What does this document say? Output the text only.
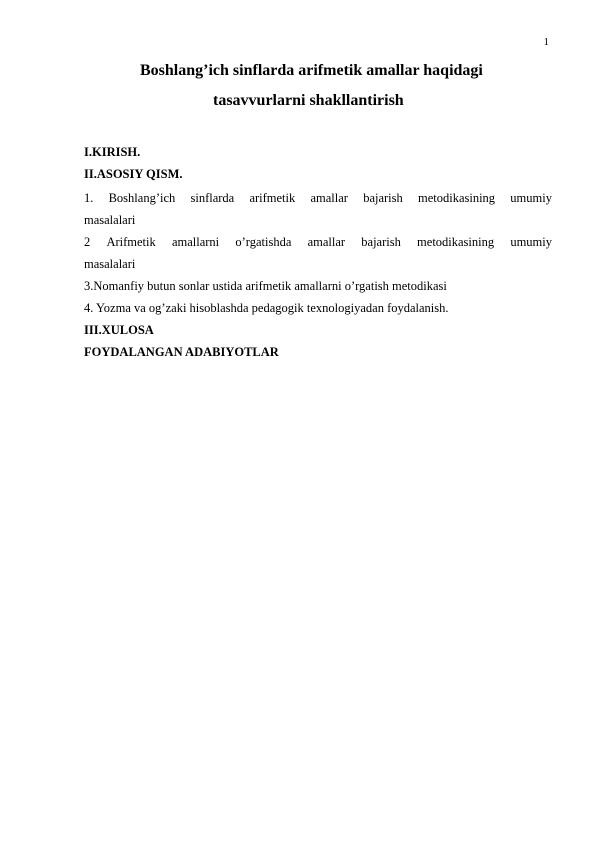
1
Boshlang’ich sinflarda arifmetik amallar haqidagi
tasavvurlarni shakllantirish
I.KIRISH.
II.ASOSIY QISM.
1. Boshlang’ich sinflarda arifmetik amallar bajarish metodikasining umumiy
masalalari
2 Arifmetik amallarni o’rgatishda amallar bajarish metodikasining umumiy
masalalari
3.Nomanfiy butun sonlar ustida arifmetik amallarni o’rgatish metodikasi
4. Yozma va og’zaki hisoblashda pedagogik texnologiyadan foydalanish.
III.XULOSA
FOYDALANGAN ADABIYOTLAR
